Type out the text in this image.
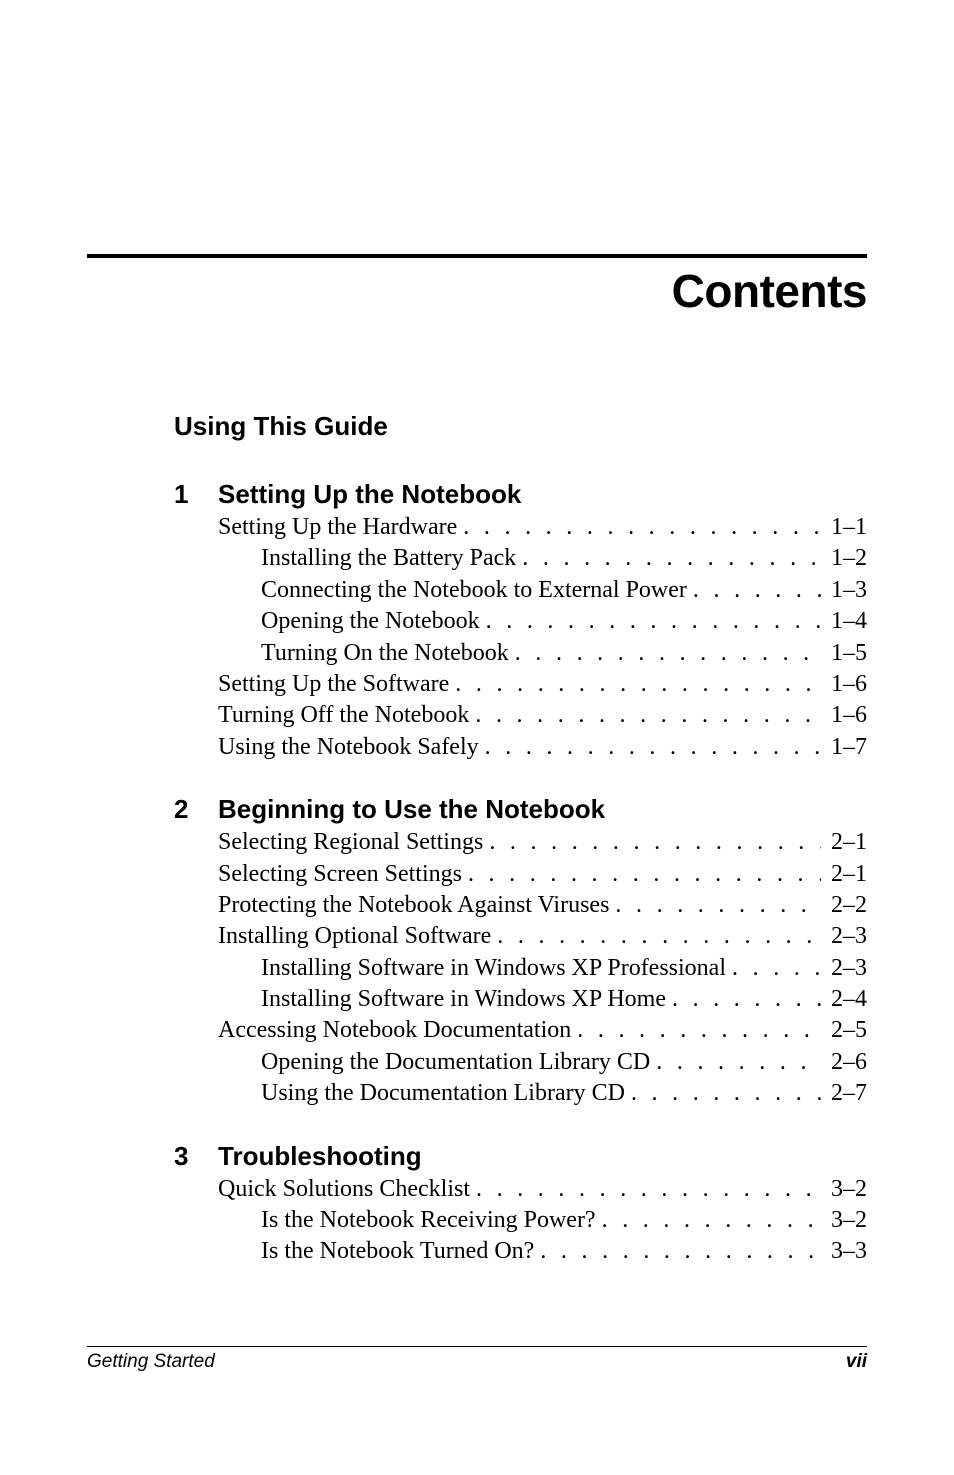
Contents
Using This Guide
1	Setting Up the Notebook
Setting Up the Hardware . . .	1–1
Installing the Battery Pack . . .	1–2
Connecting the Notebook to External Power . . .	1–3
Opening the Notebook . . .	1–4
Turning On the Notebook . . .	1–5
Setting Up the Software . . .	1–6
Turning Off the Notebook . . .	1–6
Using the Notebook Safely . . .	1–7
2	Beginning to Use the Notebook
Selecting Regional Settings . . .	2–1
Selecting Screen Settings . . .	2–1
Protecting the Notebook Against Viruses . . .	2–2
Installing Optional Software . . .	2–3
Installing Software in Windows XP Professional . . .	2–3
Installing Software in Windows XP Home . . .	2–4
Accessing Notebook Documentation . . .	2–5
Opening the Documentation Library CD . . .	2–6
Using the Documentation Library CD . . .	2–7
3	Troubleshooting
Quick Solutions Checklist . . .	3–2
Is the Notebook Receiving Power? . . .	3–2
Is the Notebook Turned On? . . .	3–3
Getting Started	vii
